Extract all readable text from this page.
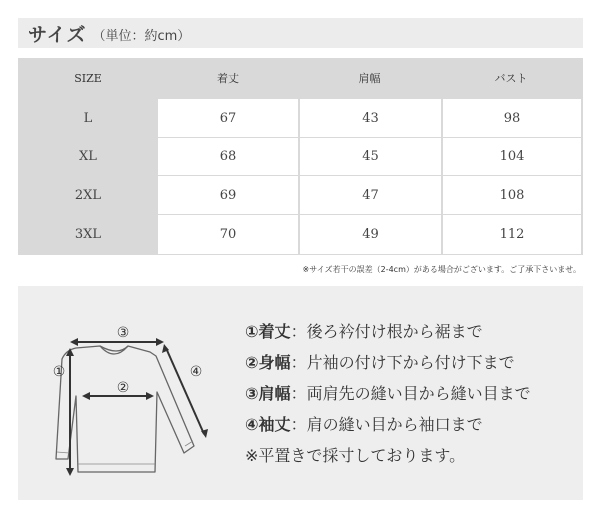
サイズ （単位：約cm）
SIZE	着丈	肩幅	バスト
L	67	43	98
XL	68	45	104
2XL	69	47	108
3XL	70	49	112
※サイズ若干の誤差（2-4cm）がある場合がございます。ご了承下さいませ。
③
②
①	④
①着丈：後ろ衿付け根から裾まで
②身幅：片袖の付け下から付け下まで
③肩幅：両肩先の縫い目から縫い目まで
④袖丈：肩の縫い目から袖口まで
※平置きで採寸しております。
